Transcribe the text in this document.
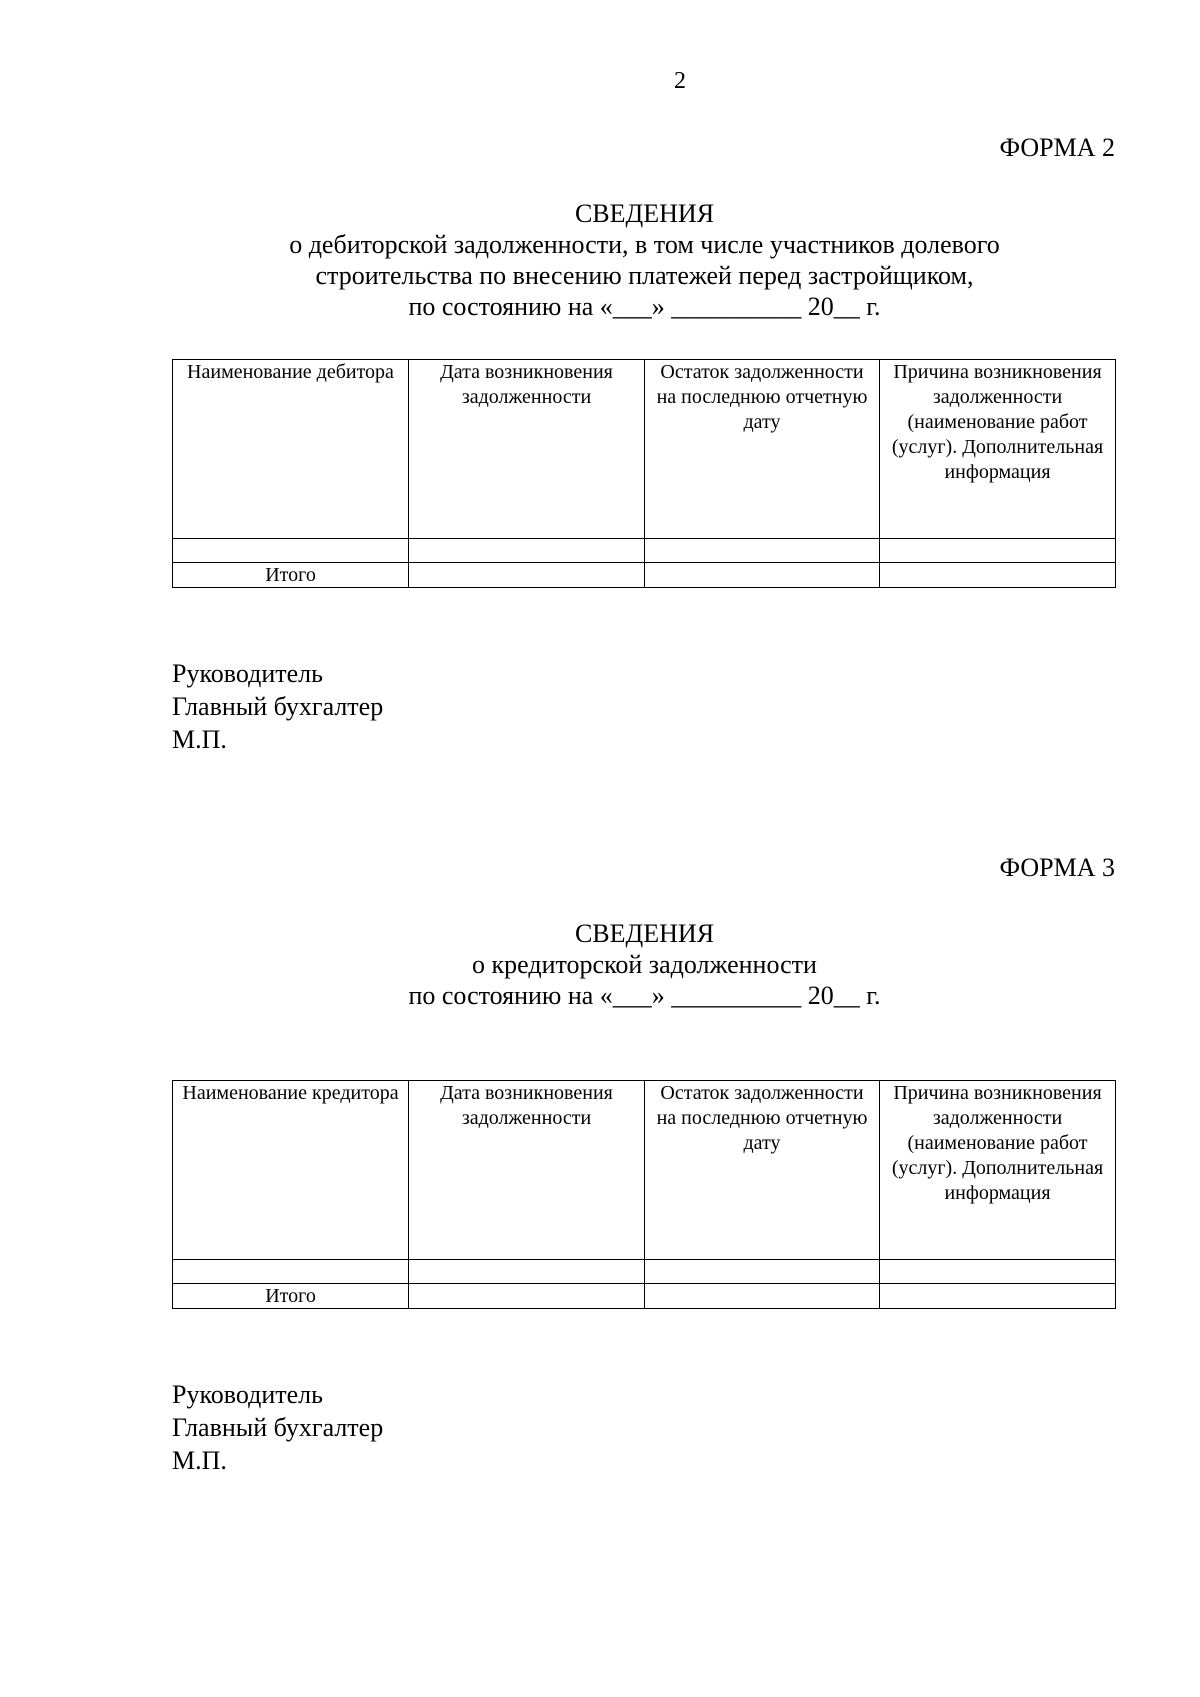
2
ФОРМА 2
СВЕДЕНИЯ
о дебиторской задолженности, в том числе участников долевого
строительства по внесению платежей перед застройщиком,
по состоянию на «___» __________ 20__ г.
Наименование дебитора	Дата возникновения задолженности	Остаток задолженности на последнюю отчетную дату	Причина возникновения задолженности (наименование работ (услуг). Дополнительная информация

Итого			
Руководитель
Главный бухгалтер
М.П.
ФОРМА 3
СВЕДЕНИЯ
о кредиторской задолженности
по состоянию на «___» __________ 20__ г.
Наименование кредитора	Дата возникновения задолженности	Остаток задолженности на последнюю отчетную дату	Причина возникновения задолженности (наименование работ (услуг). Дополнительная информация

Итого			
Руководитель
Главный бухгалтер
М.П.
